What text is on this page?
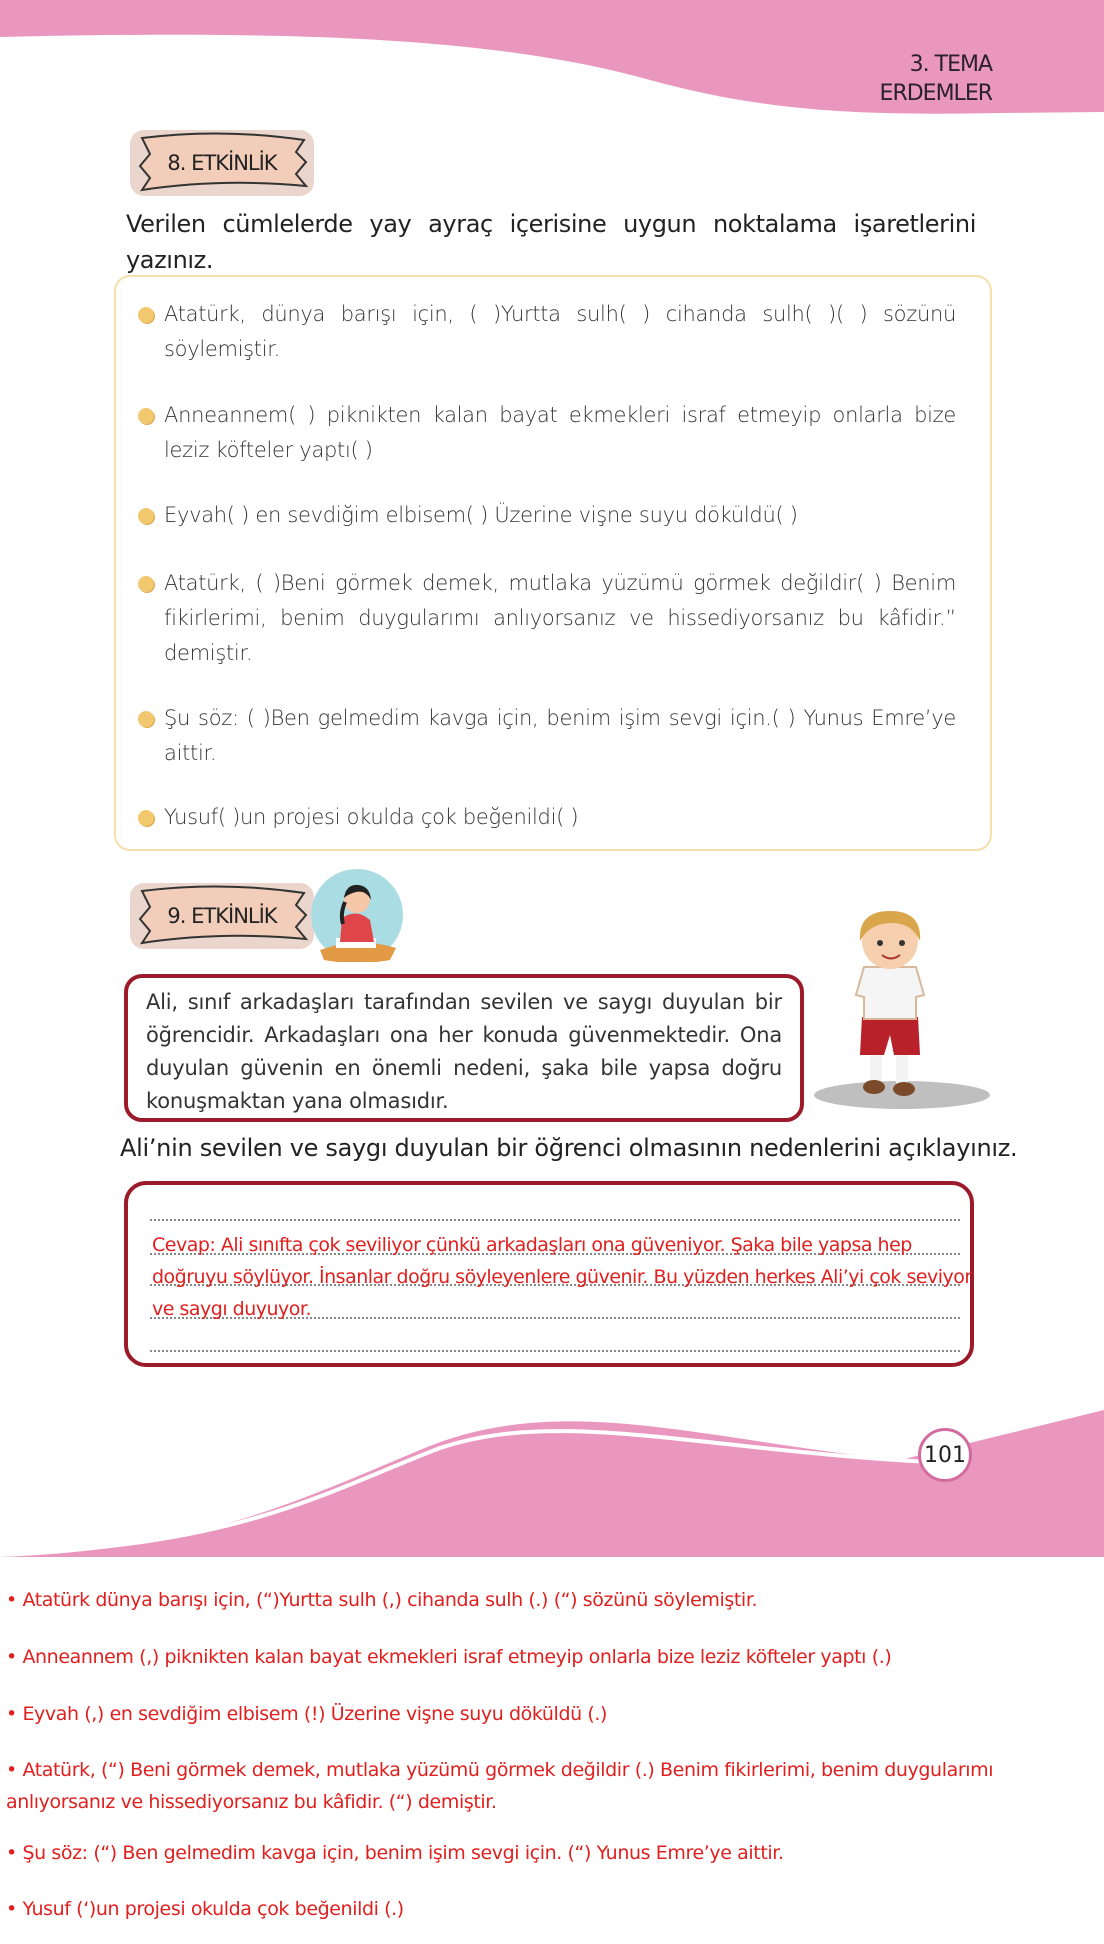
3. TEMA
ERDEMLER
8. ETKİNLİK
Verilen cümlelerde yay ayraç içerisine uygun noktalama işaretlerini yazınız.
Atatürk, dünya barışı için, ( )Yurtta sulh( ) cihanda sulh( )( ) sözünü söylemiştir.
Anneannem( ) piknikten kalan bayat ekmekleri israf etmeyip onlarla bize leziz köfteler yaptı( )
Eyvah( ) en sevdiğim elbisem( ) Üzerine vişne suyu döküldü( )
Atatürk, ( )Beni görmek demek, mutlaka yüzümü görmek değildir( ) Benim fikirlerimi, benim duygularımı anlıyorsanız ve hissediyorsanız bu kâfidir.” demiştir.
Şu söz: ( )Ben gelmedim kavga için, benim işim sevgi için.( ) Yunus Emre’ye aittir.
Yusuf( )un projesi okulda çok beğenildi( )
9. ETKİNLİK
Ali, sınıf arkadaşları tarafından sevilen ve saygı duyulan bir öğrencidir. Arkadaşları ona her konuda güvenmektedir. Ona duyulan güvenin en önemli nedeni, şaka bile yapsa doğru konuşmaktan yana olmasıdır.
Ali’nin sevilen ve saygı duyulan bir öğrenci olmasının nedenlerini açıklayınız.
Cevap: Ali sınıfta çok seviliyor çünkü arkadaşları ona güveniyor. Şaka bile yapsa hep doğruyu söylüyor. İnsanlar doğru söyleyenlere güvenir. Bu yüzden herkes Ali’yi çok seviyor ve saygı duyuyor.
101
• Atatürk dünya barışı için, (“)Yurtta sulh (,) cihanda sulh (.) (“) sözünü söylemiştir.
• Anneannem (,) piknikten kalan bayat ekmekleri israf etmeyip onlarla bize leziz köfteler yaptı (.)
• Eyvah (,) en sevdiğim elbisem (!) Üzerine vişne suyu döküldü (.)
• Atatürk, (“) Beni görmek demek, mutlaka yüzümü görmek değildir (.) Benim fikirlerimi, benim duygularımı anlıyorsanız ve hissediyorsanız bu kâfidir. (“) demiştir.
• Şu söz: (“) Ben gelmedim kavga için, benim işim sevgi için. (“) Yunus Emre’ye aittir.
• Yusuf (‘)un projesi okulda çok beğenildi (.)
